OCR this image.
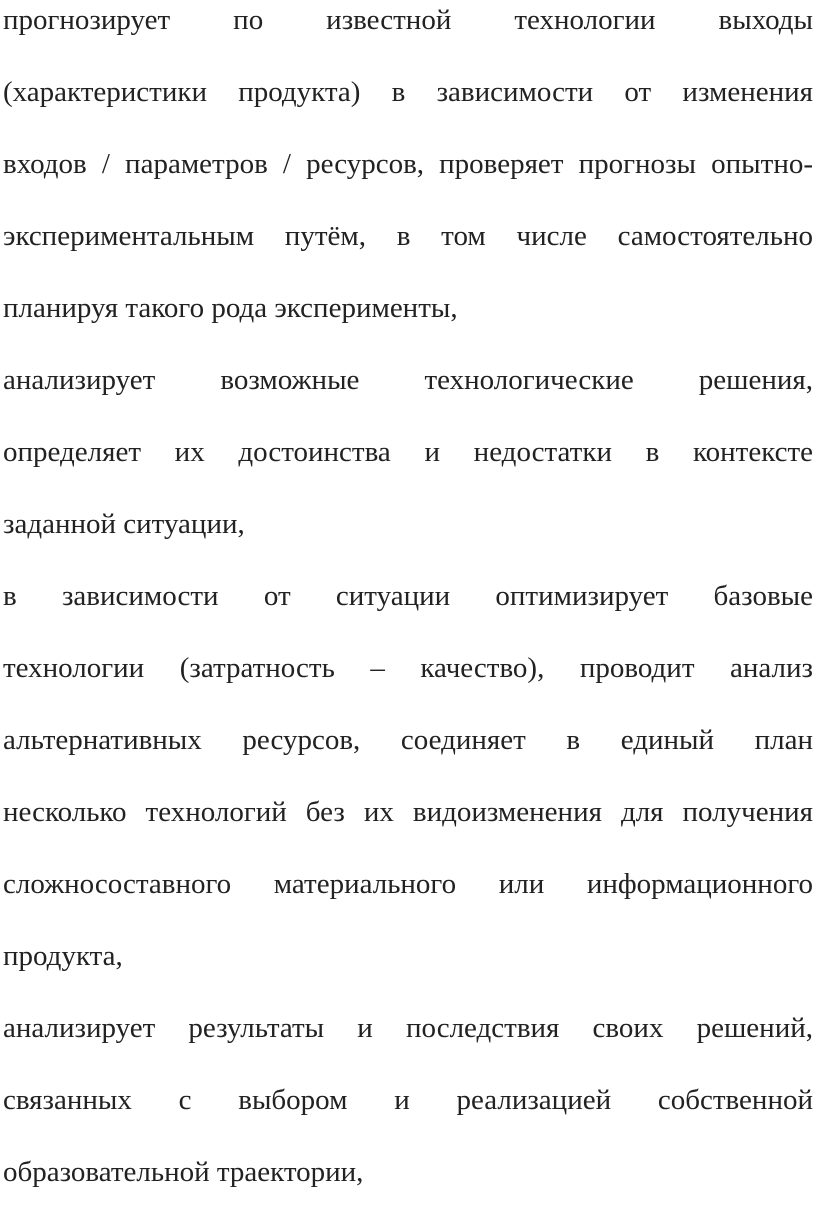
прогнозирует по известной технологии выходы
(характеристики продукта) в зависимости от изменения
входов / параметров / ресурсов, проверяет прогнозы опытно-
экспериментальным путём, в том числе самостоятельно
планируя такого рода эксперименты,
анализирует возможные технологические решения,
определяет их достоинства и недостатки в контексте
заданной ситуации,
в зависимости от ситуации оптимизирует базовые
технологии (затратность – качество), проводит анализ
альтернативных ресурсов, соединяет в единый план
несколько технологий без их видоизменения для получения
сложносоставного материального или информационного
продукта,
анализирует результаты и последствия своих решений,
связанных с выбором и реализацией собственной
образовательной траектории,
